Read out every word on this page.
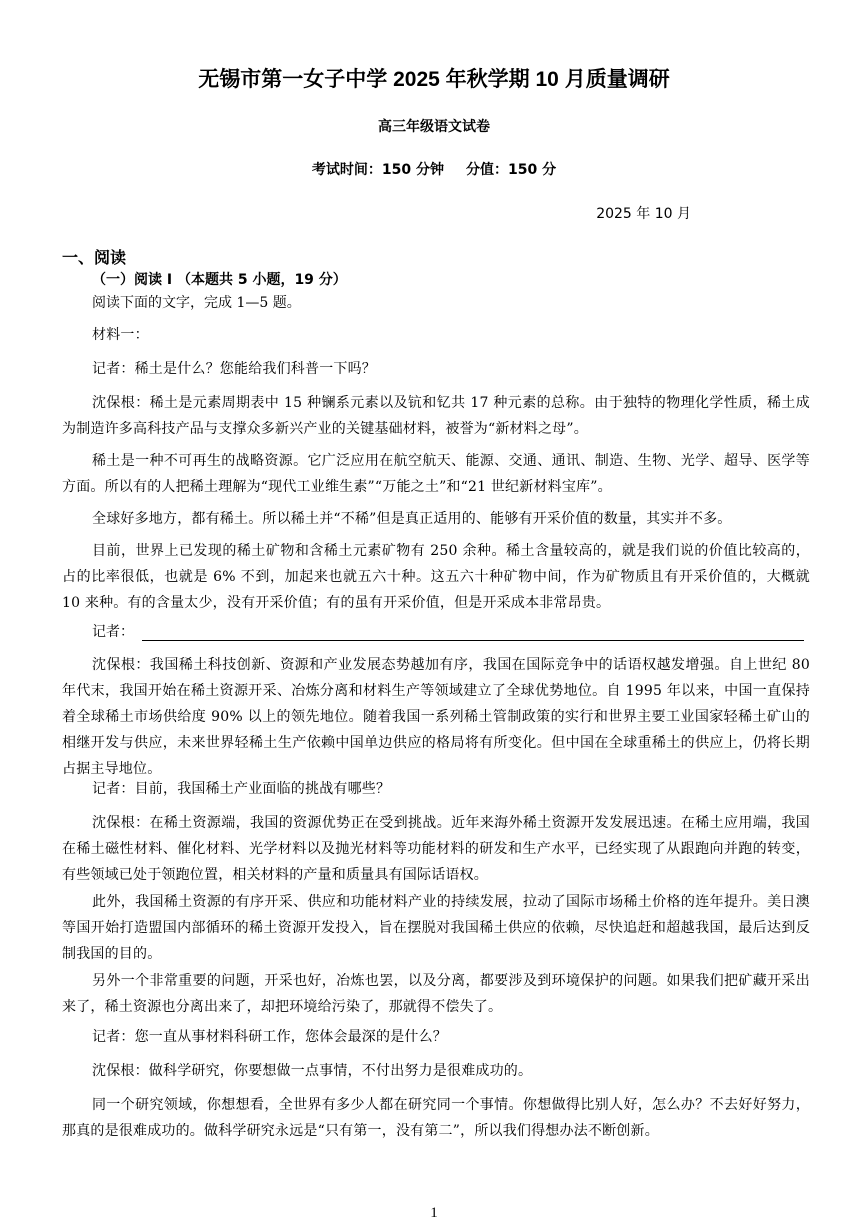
无锡市第一女子中学 2025 年秋学期 10 月质量调研
高三年级语文试卷
考试时间：150 分钟 分值：150 分
2025 年 10 月
一、阅读
（一）阅读 Ⅰ （本题共 5 小题，19 分）
阅读下面的文字，完成 1—5 题。

材料一：

记者：稀土是什么？您能给我们科普一下吗？

沈保根：稀土是元素周期表中 15 种镧系元素以及钪和钇共 17 种元素的总称。由于独特的物理化学性质，稀土成为制造许多高科技产品与支撑众多新兴产业的关键基础材料，被誉为“新材料之母”。

稀土是一种不可再生的战略资源。它广泛应用在航空航天、能源、交通、通讯、制造、生物、光学、超导、医学等方面。所以有的人把稀土理解为“现代工业维生素”“万能之土”和“21 世纪新材料宝库”。

全球好多地方，都有稀土。所以稀土并“不稀”但是真正适用的、能够有开采价值的数量，其实并不多。

目前，世界上已发现的稀土矿物和含稀土元素矿物有 250 余种。稀土含量较高的，就是我们说的价值比较高的，占的比率很低，也就是 6% 不到，加起来也就五六十种。这五六十种矿物中间，作为矿物质且有开采价值的，大概就 10 来种。有的含量太少，没有开采价值；有的虽有开采价值，但是开采成本非常昂贵。

记者：

沈保根：我国稀土科技创新、资源和产业发展态势越加有序，我国在国际竞争中的话语权越发增强。自上世纪 80 年代末，我国开始在稀土资源开采、冶炼分离和材料生产等领域建立了全球优势地位。自 1995 年以来，中国一直保持着全球稀土市场供给度 90% 以上的领先地位。随着我国一系列稀土管制政策的实行和世界主要工业国家轻稀土矿山的相继开发与供应，未来世界轻稀土生产依赖中国单边供应的格局将有所变化。但中国在全球重稀土的供应上，仍将长期占据主导地位。

记者：目前，我国稀土产业面临的挑战有哪些？

沈保根：在稀土资源端，我国的资源优势正在受到挑战。近年来海外稀土资源开发发展迅速。在稀土应用端，我国在稀土磁性材料、催化材料、光学材料以及抛光材料等功能材料的研发和生产水平，已经实现了从跟跑向并跑的转变，有些领域已处于领跑位置，相关材料的产量和质量具有国际话语权。

此外，我国稀土资源的有序开采、供应和功能材料产业的持续发展，拉动了国际市场稀土价格的连年提升。美日澳等国开始打造盟国内部循环的稀土资源开发投入，旨在摆脱对我国稀土供应的依赖，尽快追赶和超越我国，最后达到反制我国的目的。

另外一个非常重要的问题，开采也好，冶炼也罢，以及分离，都要涉及到环境保护的问题。如果我们把矿藏开采出来了，稀土资源也分离出来了，却把环境给污染了，那就得不偿失了。

记者：您一直从事材料科研工作，您体会最深的是什么？

沈保根：做科学研究，你要想做一点事情，不付出努力是很难成功的。

同一个研究领域，你想想看，全世界有多少人都在研究同一个事情。你想做得比别人好，怎么办？不去好好努力，那真的是很难成功的。做科学研究永远是“只有第一，没有第二”，所以我们得想办法不断创新。

1
